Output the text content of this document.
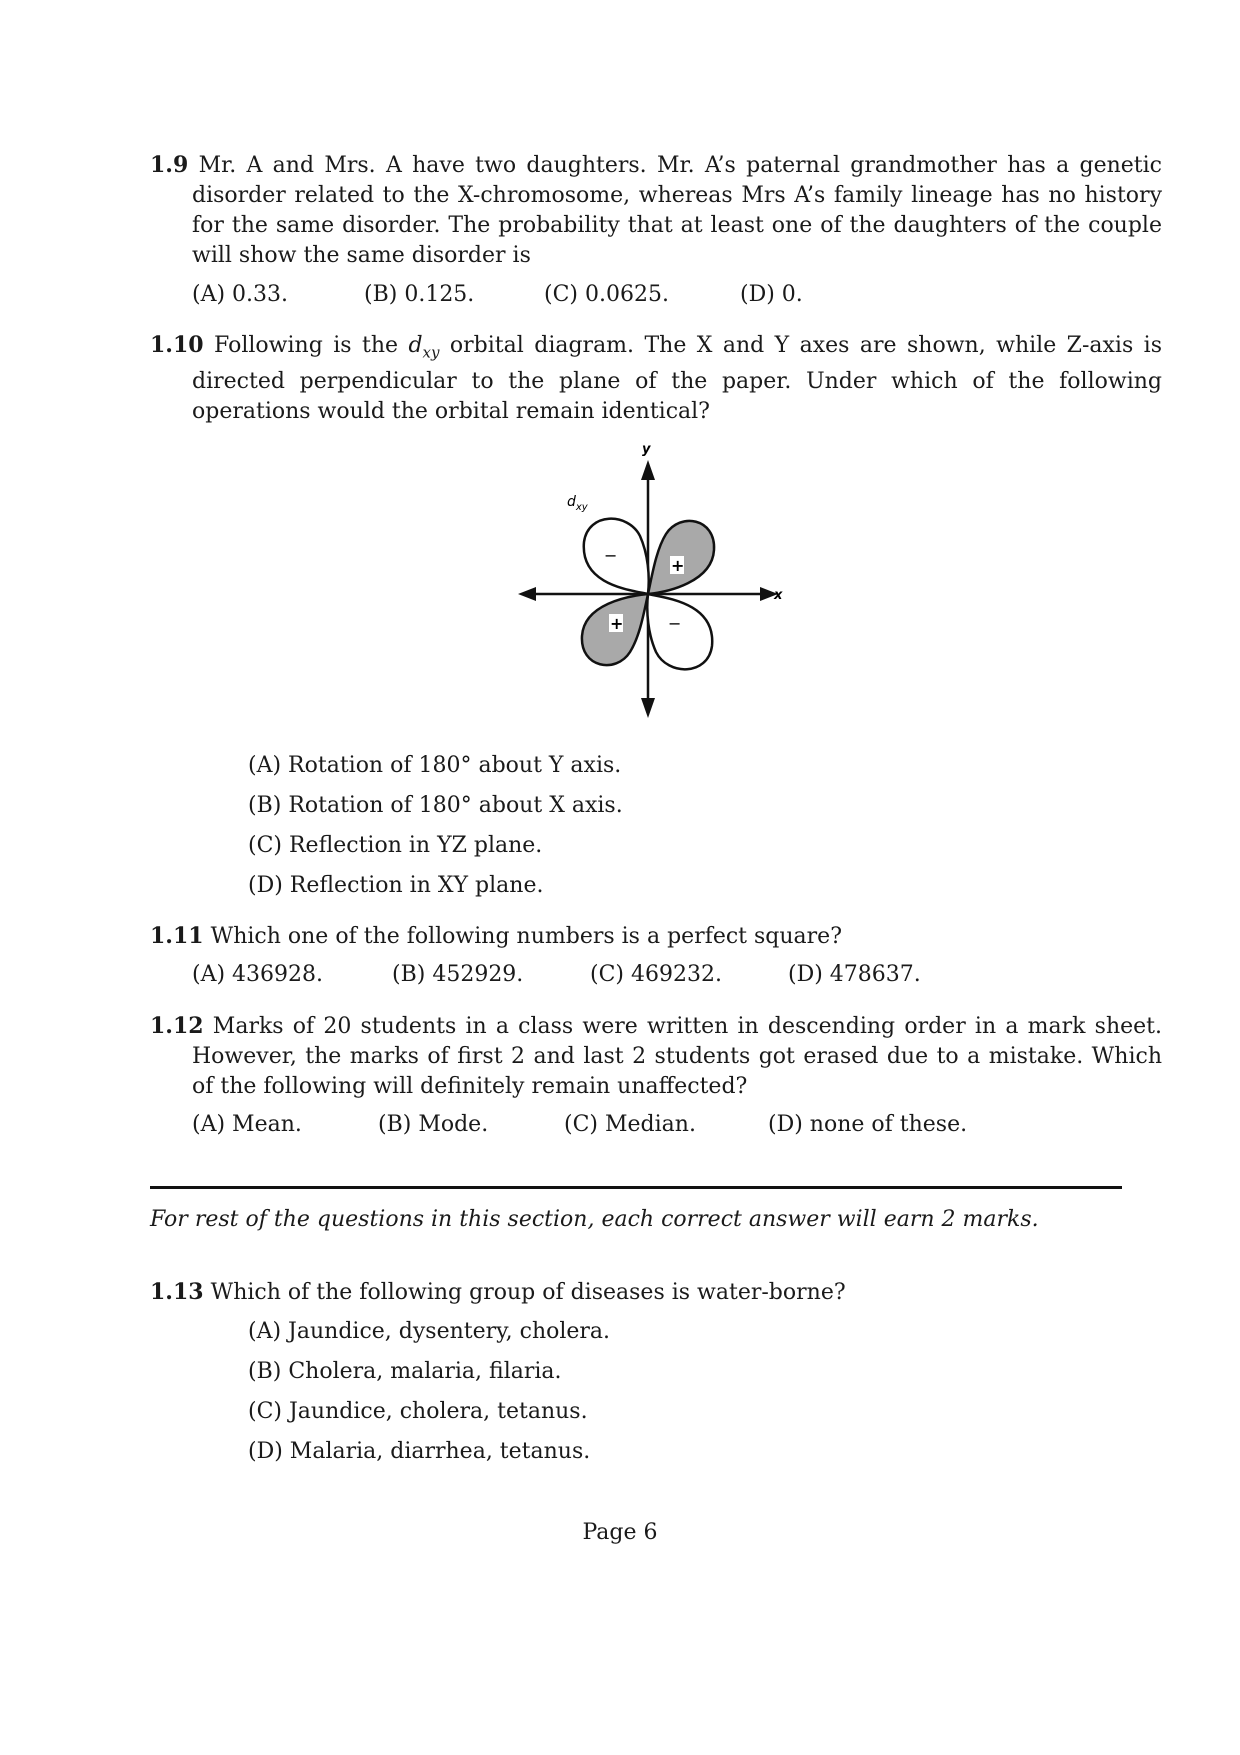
1.9 Mr. A and Mrs. A have two daughters. Mr. A’s paternal grandmother has a genetic disorder related to the X-chromosome, whereas Mrs A’s family lineage has no history for the same disorder. The probability that at least one of the daughters of the couple will show the same disorder is
(A) 0.33.	(B) 0.125.	(C) 0.0625.	(D) 0.
1.10 Following is the $d_{xy}$ orbital diagram. The X and Y axes are shown, while Z-axis is directed perpendicular to the plane of the paper. Under which of the following operations would the orbital remain identical?
y
x
$d_{xy}$
−
+
+	−
(A) Rotation of 180° about Y axis.
(B) Rotation of 180° about X axis.
(C) Reflection in YZ plane.
(D) Reflection in XY plane.
1.11 Which one of the following numbers is a perfect square?
(A) 436928.	(B) 452929.	(C) 469232.	(D) 478637.
1.12 Marks of 20 students in a class were written in descending order in a mark sheet. However, the marks of first 2 and last 2 students got erased due to a mistake. Which of the following will definitely remain unaffected?
(A) Mean.	(B) Mode.	(C) Median.	(D) none of these.
For rest of the questions in this section, each correct answer will earn 2 marks.
1.13 Which of the following group of diseases is water-borne?
(A) Jaundice, dysentery, cholera.
(B) Cholera, malaria, filaria.
(C) Jaundice, cholera, tetanus.
(D) Malaria, diarrhea, tetanus.
Page 6
